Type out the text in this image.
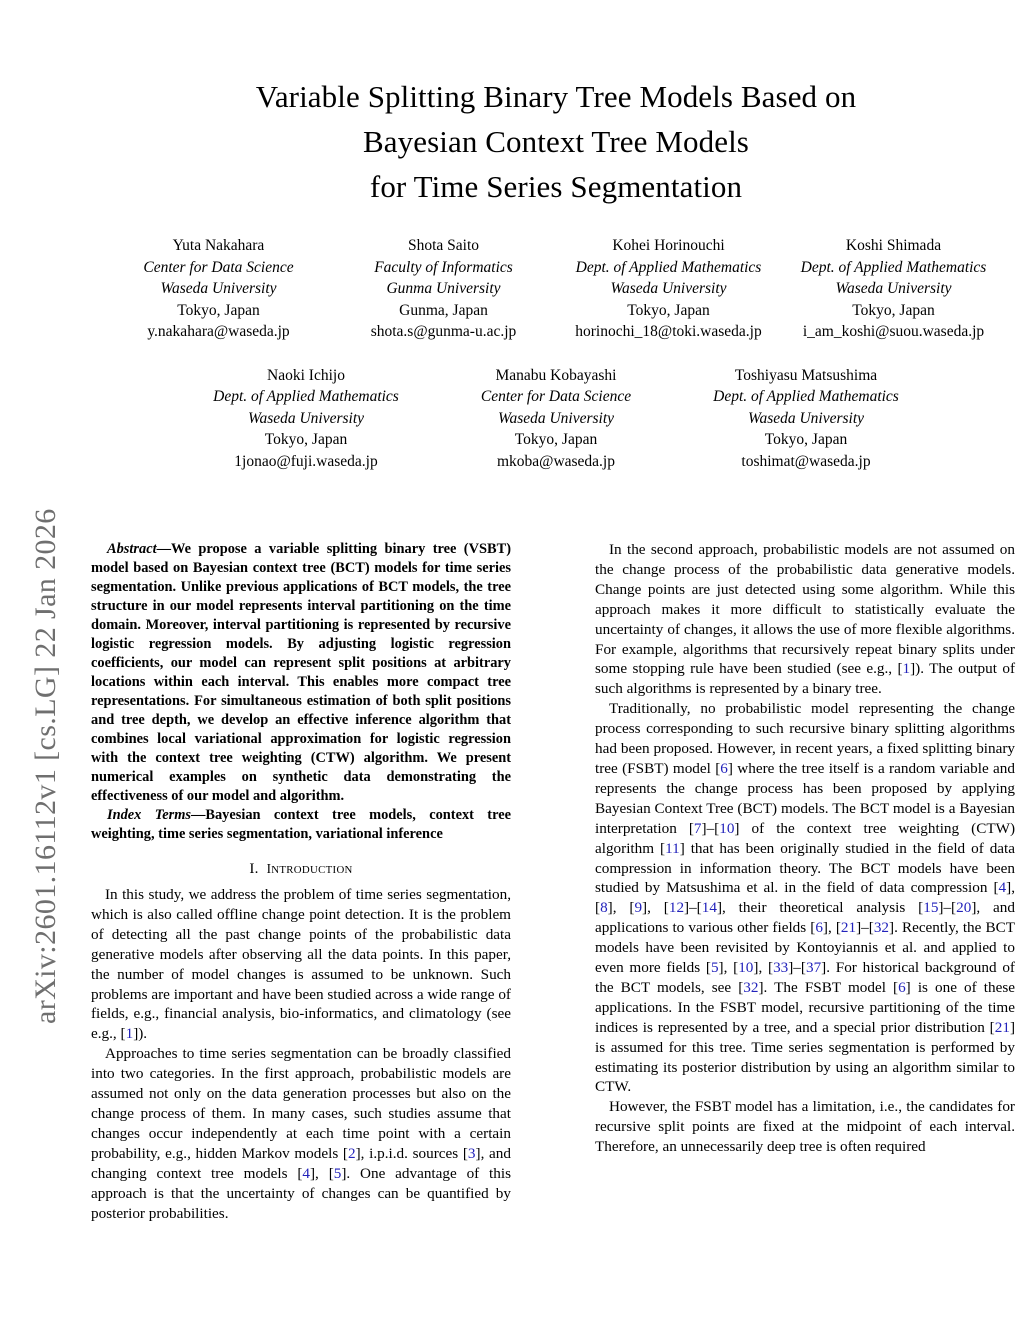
arXiv:2601.16112v1 [cs.LG] 22 Jan 2026
Variable Splitting Binary Tree Models Based on
Bayesian Context Tree Models
for Time Series Segmentation
Yuta Nakahara
Center for Data Science
Waseda University
Tokyo, Japan
y.nakahara@waseda.jp
Shota Saito
Faculty of Informatics
Gunma University
Gunma, Japan
shota.s@gunma-u.ac.jp
Kohei Horinouchi
Dept. of Applied Mathematics
Waseda University
Tokyo, Japan
horinochi_18@toki.waseda.jp
Koshi Shimada
Dept. of Applied Mathematics
Waseda University
Tokyo, Japan
i_am_koshi@suou.waseda.jp
Naoki Ichijo
Dept. of Applied Mathematics
Waseda University
Tokyo, Japan
1jonao@fuji.waseda.jp
Manabu Kobayashi
Center for Data Science
Waseda University
Tokyo, Japan
mkoba@waseda.jp
Toshiyasu Matsushima
Dept. of Applied Mathematics
Waseda University
Tokyo, Japan
toshimat@waseda.jp

Abstract—We propose a variable splitting binary tree (VSBT) model based on Bayesian context tree (BCT) models for time series segmentation. Unlike previous applications of BCT models, the tree structure in our model represents interval partitioning on the time domain. Moreover, interval partitioning is represented by recursive logistic regression models. By adjusting logistic regression coefficients, our model can represent split positions at arbitrary locations within each interval. This enables more compact tree representations. For simultaneous estimation of both split positions and tree depth, we develop an effective inference algorithm that combines local variational approximation for logistic regression with the context tree weighting (CTW) algorithm. We present numerical examples on synthetic data demonstrating the effectiveness of our model and algorithm.

Index Terms—Bayesian context tree models, context tree weighting, time series segmentation, variational inference

I. INTRODUCTION

In this study, we address the problem of time series segmentation, which is also called offline change point detection. It is the problem of detecting all the past change points of the probabilistic data generative models after observing all the data points. In this paper, the number of model changes is assumed to be unknown. Such problems are important and have been studied across a wide range of fields, e.g., financial analysis, bio-informatics, and climatology (see e.g., [1]).

Approaches to time series segmentation can be broadly classified into two categories. In the first approach, probabilistic models are assumed not only on the data generation processes but also on the change process of them. In many cases, such studies assume that changes occur independently at each time point with a certain probability, e.g., hidden Markov models [2], i.p.i.d. sources [3], and changing context tree models [4], [5]. One advantage of this approach is that the uncertainty of changes can be quantified by posterior probabilities.

In the second approach, probabilistic models are not assumed on the change process of the probabilistic data generative models. Change points are just detected using some algorithm. While this approach makes it more difficult to statistically evaluate the uncertainty of changes, it allows the use of more flexible algorithms. For example, algorithms that recursively repeat binary splits under some stopping rule have been studied (see e.g., [1]). The output of such algorithms is represented by a binary tree.

Traditionally, no probabilistic model representing the change process corresponding to such recursive binary splitting algorithms had been proposed. However, in recent years, a fixed splitting binary tree (FSBT) model [6] where the tree itself is a random variable and represents the change process has been proposed by applying Bayesian Context Tree (BCT) models. The BCT model is a Bayesian interpretation [7]–[10] of the context tree weighting (CTW) algorithm [11] that has been originally studied in the field of data compression in information theory. The BCT models have been studied by Matsushima et al. in the field of data compression [4], [8], [9], [12]–[14], their theoretical analysis [15]–[20], and applications to various other fields [6], [21]–[32]. Recently, the BCT models have been revisited by Kontoyiannis et al. and applied to even more fields [5], [10], [33]–[37]. For historical background of the BCT models, see [32]. The FSBT model [6] is one of these applications. In the FSBT model, recursive partitioning of the time indices is represented by a tree, and a special prior distribution [21] is assumed for this tree. Time series segmentation is performed by estimating its posterior distribution by using an algorithm similar to CTW.

However, the FSBT model has a limitation, i.e., the candidates for recursive split points are fixed at the midpoint of each interval. Therefore, an unnecessarily deep tree is often required
